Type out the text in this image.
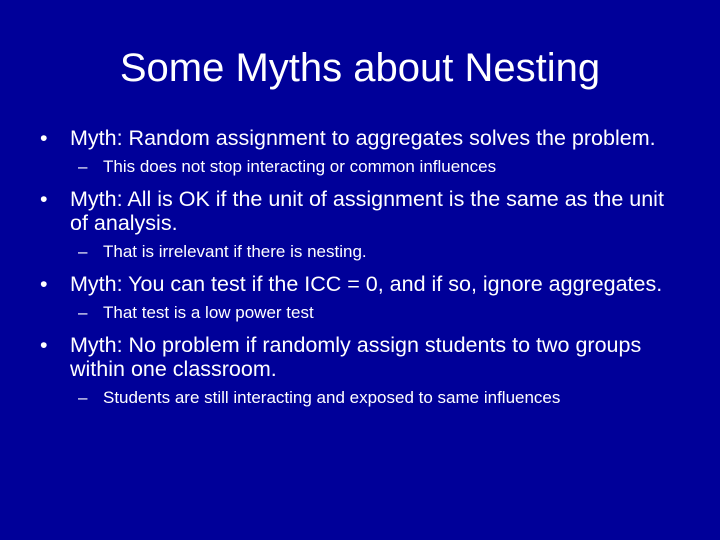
Some Myths about Nesting

• Myth: Random assignment to aggregates solves the problem.

– This does not stop interacting or common influences

• Myth: All is OK if the unit of assignment is the same as the unit of analysis.

– That is irrelevant if there is nesting.

• Myth: You can test if the ICC = 0, and if so, ignore aggregates.

– That test is a low power test

• Myth: No problem if randomly assign students to two groups within one classroom.

– Students are still interacting and exposed to same influences
